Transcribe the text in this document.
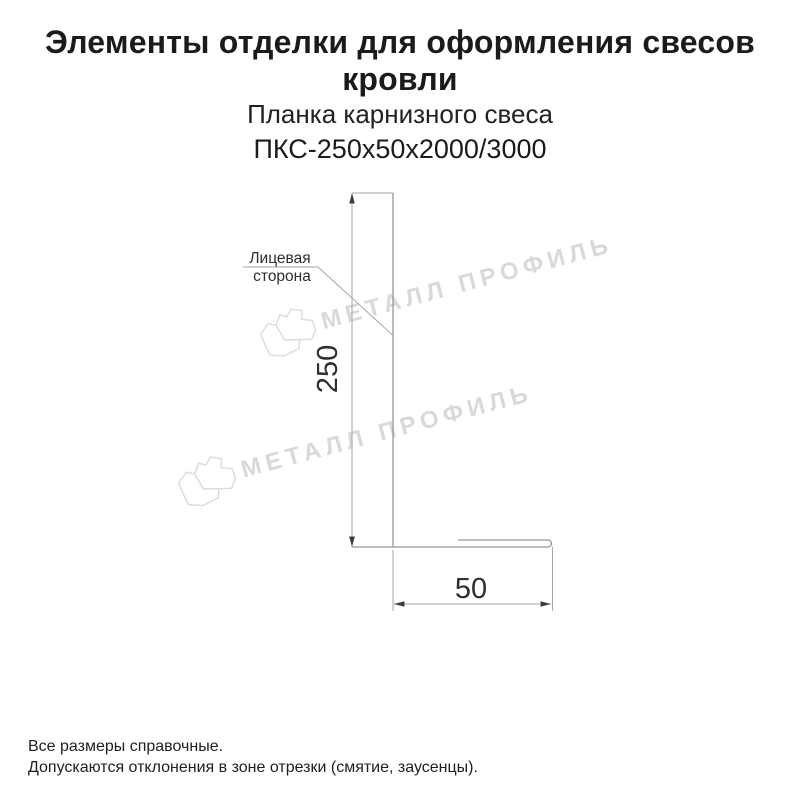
МЕТАЛЛ ПРОФИЛЬ
МЕТАЛЛ ПРОФИЛЬ
Элементы отделки для оформления свесов кровли
Планка карнизного свеса
ПКС-250х50х2000/3000
250
50
Лицевая
сторона
Все размеры справочные.
Допускаются отклонения в зоне отрезки (смятие, заусенцы).
